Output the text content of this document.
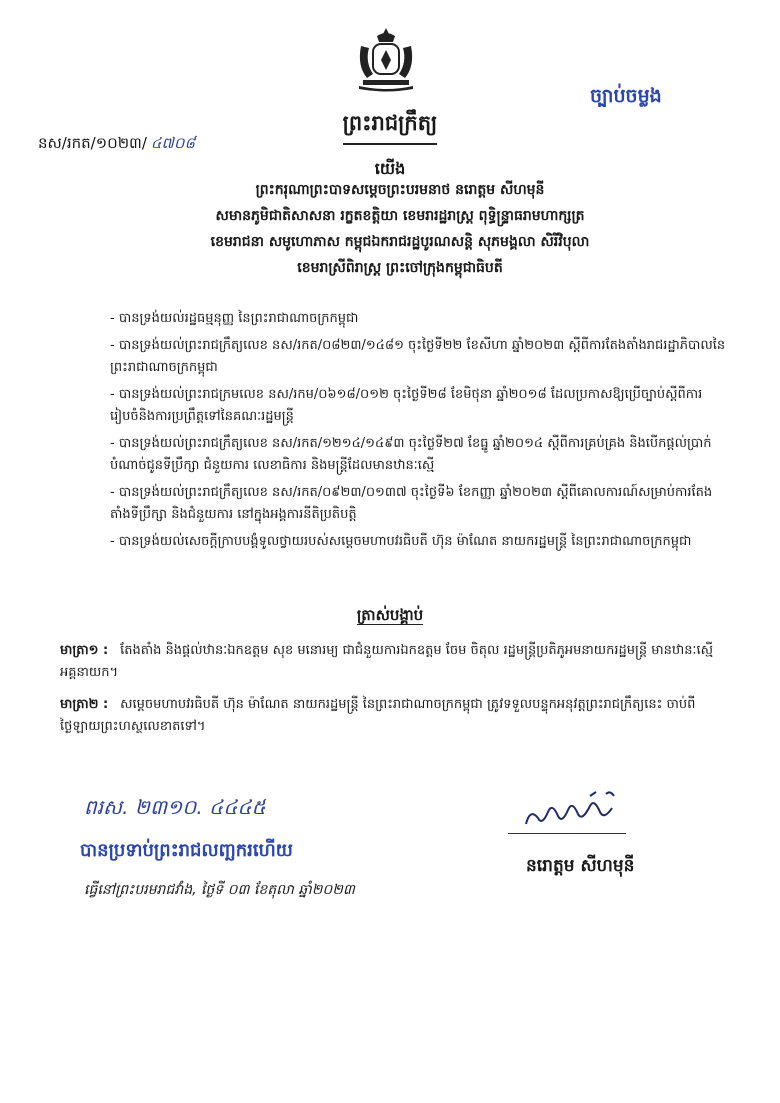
ច្បាប់ចម្លង
នស/រកត/១០២៣/ ៤៧០៨
ព្រះរាជក្រឹត្យ
យើង
ព្រះករុណាព្រះបាទសម្តេចព្រះបរមនាថ នរោត្តម សីហមុនី
សមានភូមិជាតិសាសនា រក្ខតខត្តិយា ខេមរារដ្ឋរាស្ត្រ ពុទ្ធិន្ទ្រាធរាមហាក្សត្រ
ខេមរាជនា សមូហោភាស កម្ពុជឯករាជរដ្ឋបូរណសន្តិ សុភមង្គលា សិរីវិបុលា
ខេមរាស្រីពិរាស្ត្រ ព្រះចៅក្រុងកម្ពុជាធិបតី
- បានទ្រង់យល់រដ្ឋធម្មនុញ្ញ នៃព្រះរាជាណាចក្រកម្ពុជា
- បានទ្រង់យល់ព្រះរាជក្រឹត្យលេខ នស/រកត/០៨២៣/១៤៨១ ចុះថ្ងៃទី២២ ខែសីហា ឆ្នាំ២០២៣ ស្តីពីការតែងតាំងរាជរដ្ឋាភិបាលនៃព្រះរាជាណាចក្រកម្ពុជា
- បានទ្រង់យល់ព្រះរាជក្រមលេខ នស/រកម/០៦១៨/០១២ ចុះថ្ងៃទី២៨ ខែមិថុនា ឆ្នាំ២០១៨ ដែលប្រកាសឱ្យប្រើច្បាប់ស្តីពីការរៀបចំនិងការប្រព្រឹត្តទៅនៃគណៈរដ្ឋមន្ត្រី
- បានទ្រង់យល់ព្រះរាជក្រឹត្យលេខ នស/រកត/១២១៤/១៤៩៣ ចុះថ្ងៃទី២៧ ខែធ្នូ ឆ្នាំ២០១៤ ស្តីពីការគ្រប់គ្រង និងបើកផ្តល់ប្រាក់បំណាច់ជូនទីប្រឹក្សា ជំនួយការ លេខាធិការ និងមន្ត្រីដែលមានឋានៈស្មើ
- បានទ្រង់យល់ព្រះរាជក្រឹត្យលេខ នស/រកត/០៩២៣/០១៣៧ ចុះថ្ងៃទី៦ ខែកញ្ញា ឆ្នាំ២០២៣ ស្តីពីគោលការណ៍សម្រាប់ការតែងតាំងទីប្រឹក្សា និងជំនួយការ នៅក្នុងអង្គការនីតិប្រតិបត្តិ
- បានទ្រង់យល់សេចក្តីក្រាបបង្គំទូលថ្វាយរបស់សម្តេចមហាបវរធិបតី ហ៊ុន ម៉ាណែត នាយករដ្ឋមន្ត្រី នៃព្រះរាជាណាចក្រកម្ពុជា
ត្រាស់បង្គាប់
មាត្រា១ : តែងតាំង និងផ្តល់ឋានៈឯកឧត្តម សុខ មនោរម្យ ជាជំនួយការឯកឧត្តម ចែម ចិតុល រដ្ឋមន្ត្រីប្រតិភូអមនាយករដ្ឋមន្ត្រី មានឋានៈស្មើ អគ្គនាយក។
មាត្រា២ : សម្តេចមហាបវរធិបតី ហ៊ុន ម៉ាណែត នាយករដ្ឋមន្ត្រី នៃព្រះរាជាណាចក្រកម្ពុជា ត្រូវទទួលបន្ទុកអនុវត្តព្រះរាជក្រឹត្យនេះ ចាប់ពីថ្ងៃឡាយព្រះហស្ថលេខាតទៅ។
ពរស. ២៣១០. ៤៤៤៥
បានប្រទាប់ព្រះរាជលញ្ឆករហើយ
ធ្វើនៅព្រះបរមរាជវាំង, ថ្ងៃទី ០៣ ខែតុលា ឆ្នាំ២០២៣
នរោត្តម សីហមុនី
